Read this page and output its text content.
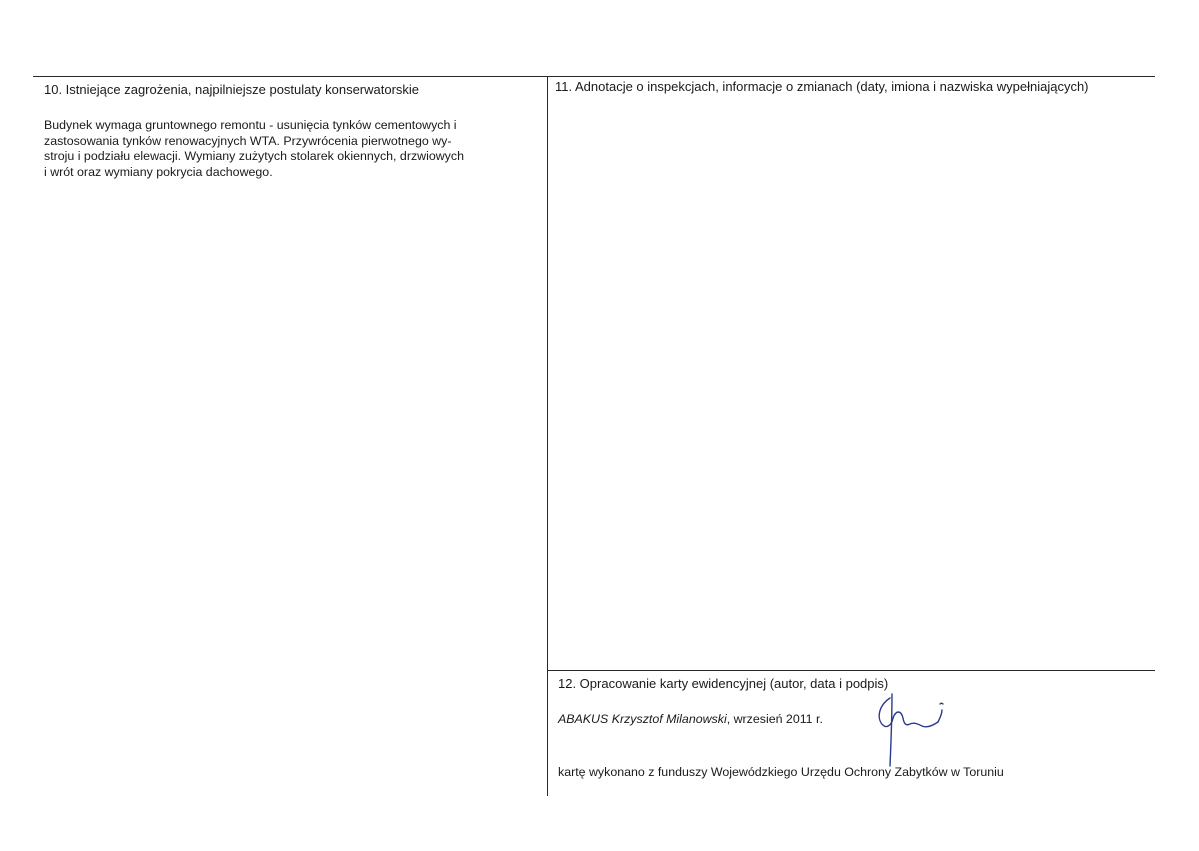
10. Istniejące zagrożenia, najpilniejsze postulaty konserwatorskie
Budynek wymaga gruntownego remontu - usunięcia tynków cementowych i
zastosowania tynków renowacyjnych WTA. Przywrócenia pierwotnego wy-
stroju i podziału elewacji. Wymiany zużytych stolarek okiennych, drzwiowych
i wrót oraz wymiany pokrycia dachowego.
11. Adnotacje o inspekcjach, informacje o zmianach (daty, imiona i nazwiska wypełniających)
12. Opracowanie karty ewidencyjnej (autor, data i podpis)
ABAKUS Krzysztof Milanowski, wrzesień 2011 r.
kartę wykonano z funduszy Wojewódzkiego Urzędu Ochrony Zabytków w Toruniu
